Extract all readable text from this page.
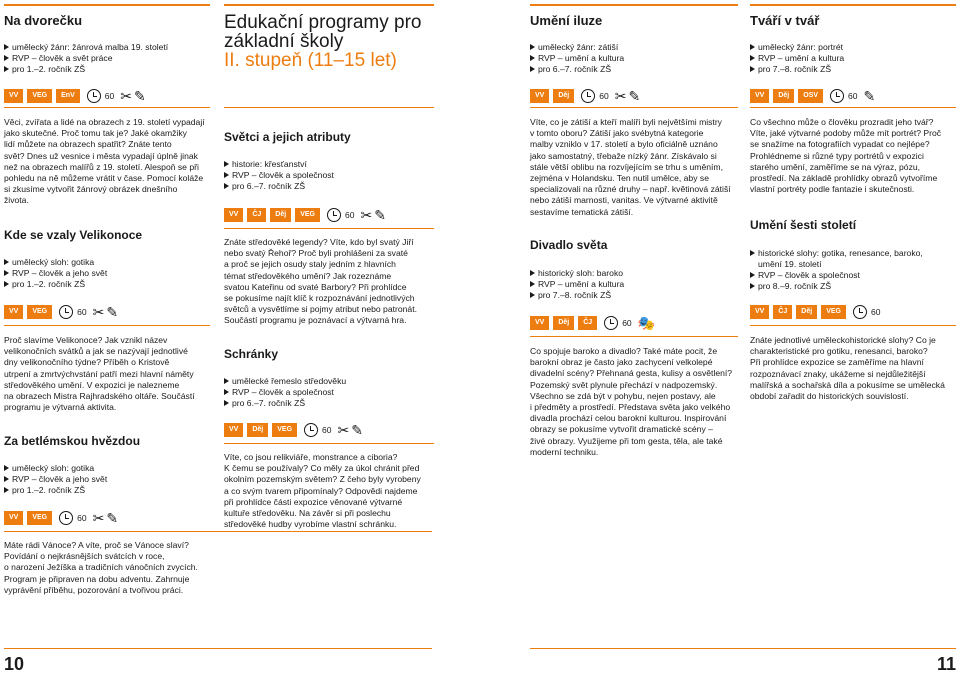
Na dvorečku
umělecký žánr: žánrová malba 19. století
RVP – člověk a svět práce
pro 1.–2. ročník ZŠ
VV	VEG	EnV	60 ✂ ✎
Věci, zvířata a lidé na obrazech z 19. století vypadají
jako skutečné. Proč tomu tak je? Jaké okamžiky
lidí můžete na obrazech spatřit? Znáte tento
svět? Dnes už vesnice i města vypadají úplně jinak
než na obrazech malířů z 19. století. Alespoň se při
pohledu na ně můžeme vrátit v čase. Pomocí koláže
si zkusíme vytvořit žánrový obrázek dnešního
života.
Kde se vzaly Velikonoce
umělecký sloh: gotika
RVP – člověk a jeho svět
pro 1.–2. ročník ZŠ
VV	VEG	60 ✂ ✎
Proč slavíme Velikonoce? Jak vznikl název
velikonočních svátků a jak se nazývají jednotlivé
dny velikonočního týdne? Příběh o Kristově
utrpení a zmrtvýchvstání patří mezi hlavní náměty
středověkého umění. V expozici je nalezneme
na obrazech Mistra Rajhradského oltáře. Součástí
programu je výtvarná aktivita.
Za betlémskou hvězdou
umělecký sloh: gotika
RVP – člověk a jeho svět
pro 1.–2. ročník ZŠ
VV	VEG	60 ✂ ✎
Máte rádi Vánoce? A víte, proč se Vánoce slaví?
Povídání o nejkrásnějších svátcích v roce,
o narození Ježíška a tradičních vánočních zvycích.
Program je připraven na dobu adventu. Zahrnuje
vyprávění příběhu, pozorování a tvořivou práci.
Edukační programy pro
základní školy
II. stupeň (11–15 let)
Světci a jejich atributy
historie: křesťanství
RVP – člověk a společnost
pro 6.–7. ročník ZŠ
VV	ČJ	Děj	VEG	60 ✂ ✎
Znáte středověké legendy? Víte, kdo byl svatý Jiří
nebo svatý Řehoř? Proč byli prohlášeni za svaté
a proč se jejich osudy staly jedním z hlavních
témat středověkého umění? Jak rozeznáme
svatou Kateřinu od svaté Barbory? Při prohlídce
se pokusíme najít klíč k rozpoznávání jednotlivých
světců a vysvětlíme si pojmy atribut nebo patronát.
Součástí programu je poznávací a výtvarná hra.
Schránky
umělecké řemeslo středověku
RVP – člověk a společnost
pro 6.–7. ročník ZŠ
VV	Děj	VEG	60 ✂ ✎
Víte, co jsou relikviáře, monstrance a ciboria?
K čemu se používaly? Co měly za úkol chránit před
okolním pozemským světem? Z čeho byly vyrobeny
a co svým tvarem připomínaly? Odpovědi najdeme
při prohlídce části expozice věnované výtvarné
kultuře středověku. Na závěr si při poslechu
středověké hudby vyrobíme vlastní schránku.
Umění iluze
umělecký žánr: zátiší
RVP – umění a kultura
pro 6.–7. ročník ZŠ
VV	Děj	60 ✂ ✎
Víte, co je zátiší a kteří malíři byli největšími mistry
v tomto oboru? Zátiší jako svébytná kategorie
malby vzniklo v 17. století a bylo oficiálně uznáno
jako samostatný, třebaže nízký žánr. Získávalo si
stále větší oblibu na rozvíjejícím se trhu s uměním,
zejména v Holandsku. Ten nutil umělce, aby se
specializovali na různé druhy – např. květinová zátiší
nebo zátiší marnosti, vanitas. Ve výtvarné aktivitě
sestavíme tematická zátiší.
Divadlo světa
historický sloh: baroko
RVP – umění a kultura
pro 7.–8. ročník ZŠ
VV	Děj	ČJ	60 🎭
Co spojuje baroko a divadlo? Také máte pocit, že
barokní obraz je často jako zachycení velkolepé
divadelní scény? Přehnaná gesta, kulisy a osvětlení?
Pozemský svět plynule přechází v nadpozemský.
Všechno se zdá být v pohybu, nejen postavy, ale
i předměty a prostředí. Představa světa jako velkého
divadla prochází celou barokní kulturou. Inspirování
obrazy se pokusíme vytvořit dramatické scény –
živé obrazy. Využijeme při tom gesta, těla, ale také
moderní techniku.
Tváří v tvář
umělecký žánr: portrét
RVP – umění a kultura
pro 7.–8. ročník ZŠ
VV	Děj	OSV	60 ✎
Co všechno může o člověku prozradit jeho tvář?
Víte, jaké výtvarné podoby může mít portrét? Proč
se snažíme na fotografiích vypadat co nejlépe?
Prohlédneme si různé typy portrétů v expozici
starého umění, zaměříme se na výraz, pózu,
prostředí. Na základě prohlídky obrazů vytvoříme
vlastní portréty podle fantazie i skutečnosti.
Umění šesti století
historické slohy: gotika, renesance, baroko,
umění 19. století
RVP – člověk a společnost
pro 8.–9. ročník ZŠ
VV	ČJ	Děj	VEG	60
Znáte jednotlivé uměleckohistorické slohy? Co je
charakteristické pro gotiku, renesanci, baroko?
Při prohlídce expozice se zaměříme na hlavní
rozpoznávací znaky, ukážeme si nejdůležitější
malířská a sochařská díla a pokusíme se umělecká
období zařadit do historických souvislostí.
10	11
